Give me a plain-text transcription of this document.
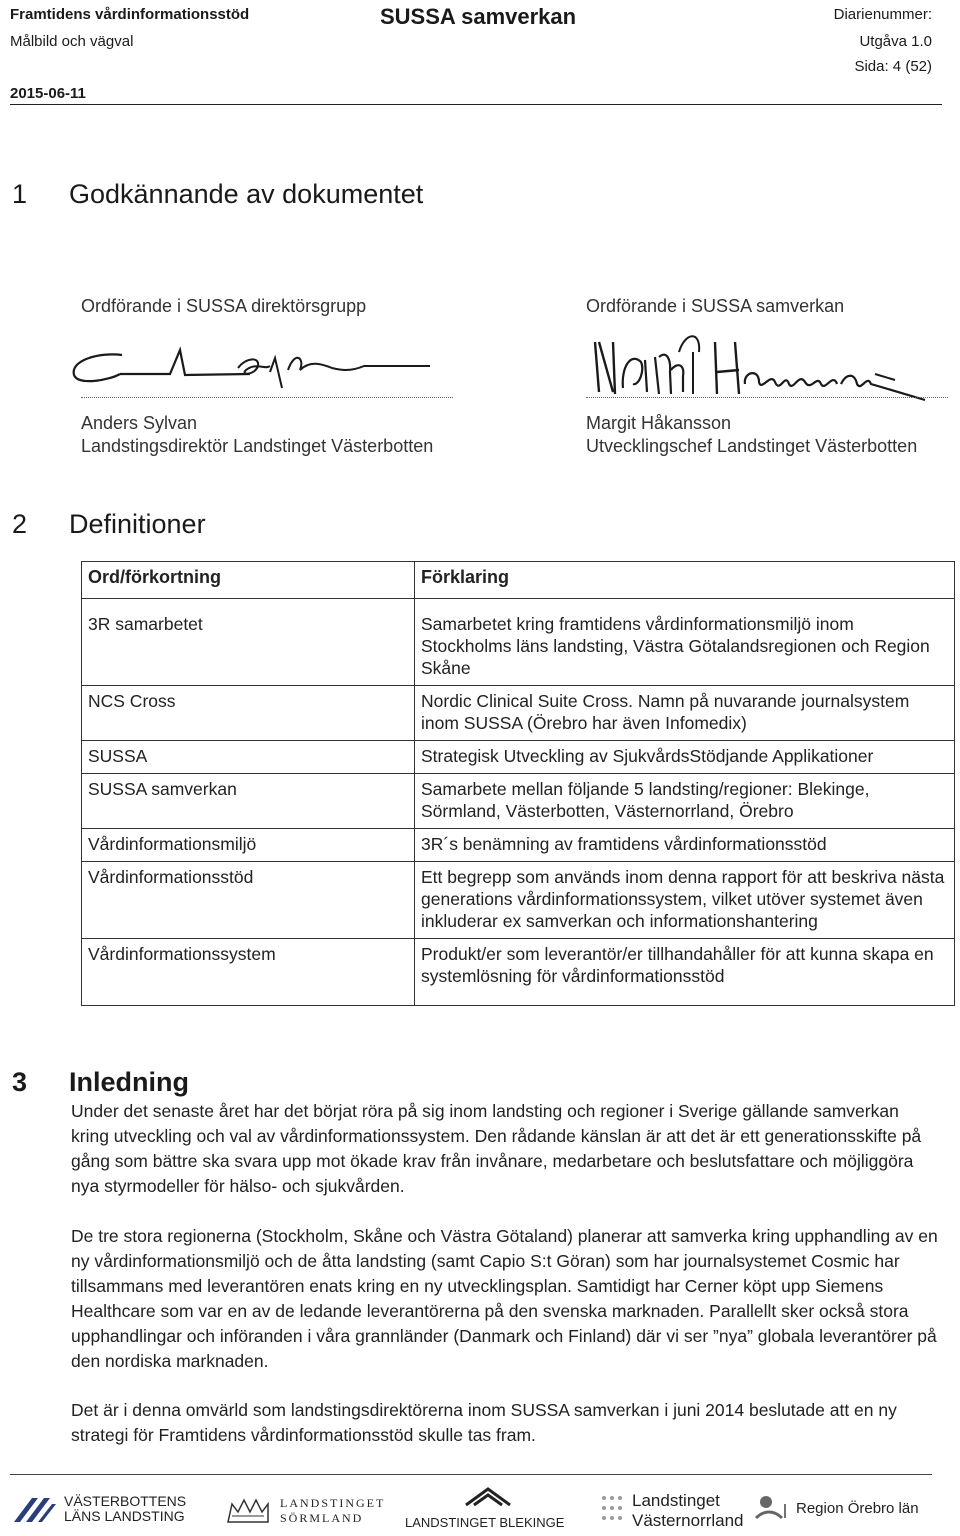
Framtidens vårdinformationsstöd
Målbild och vägval
2015-06-11
SUSSA samverkan	Diarienummer:
Utgåva 1.0
Sida: 4 (52)
1 Godkännande av dokumentet
Ordförande i SUSSA direktörsgrupp	Ordförande i SUSSA samverkan
Anders Sylvan
Landstingsdirektör Landstinget Västerbotten
Margit Håkansson
Utvecklingschef Landstinget Västerbotten
2 Definitioner
Ord/förkortning	Förklaring
3R samarbetet	Samarbetet kring framtidens vårdinformationsmiljö inom Stockholms läns landsting, Västra Götalandsregionen och Region Skåne
NCS Cross	Nordic Clinical Suite Cross. Namn på nuvarande journalsystem inom SUSSA (Örebro har även Infomedix)
SUSSA	Strategisk Utveckling av SjukvårdsStödjande Applikationer
SUSSA samverkan	Samarbete mellan följande 5 landsting/regioner: Blekinge, Sörmland, Västerbotten, Västernorrland, Örebro
Vårdinformationsmiljö	3R´s benämning av framtidens vårdinformationsstöd
Vårdinformationsstöd	Ett begrepp som används inom denna rapport för att beskriva nästa generations vårdinformationssystem, vilket utöver systemet även inkluderar ex samverkan och informationshantering
Vårdinformationssystem	Produkt/er som leverantör/er tillhandahåller för att kunna skapa en systemlösning för vårdinformationsstöd
3 Inledning
Under det senaste året har det börjat röra på sig inom landsting och regioner i Sverige gällande samverkan kring utveckling och val av vårdinformationssystem. Den rådande känslan är att det är ett generationsskifte på gång som bättre ska svara upp mot ökade krav från invånare, medarbetare och beslutsfattare och möjliggöra nya styrmodeller för hälso- och sjukvården.
De tre stora regionerna (Stockholm, Skåne och Västra Götaland) planerar att samverka kring upphandling av en ny vårdinformationsmiljö och de åtta landsting (samt Capio S:t Göran) som har journalsystemet Cosmic har tillsammans med leverantören enats kring en ny utvecklingsplan. Samtidigt har Cerner köpt upp Siemens Healthcare som var en av de ledande leverantörerna på den svenska marknaden. Parallellt sker också stora upphandlingar och införanden i våra grannländer (Danmark och Finland) där vi ser ”nya” globala leverantörer på den nordiska marknaden.
Det är i denna omvärld som landstingsdirektörerna inom SUSSA samverkan i juni 2014 beslutade att en ny strategi för Framtidens vårdinformationsstöd skulle tas fram.
VÄSTERBOTTENS
LÄNS LANDSTING
LANDSTINGET
SÖRMLAND	LANDSTINGET BLEKINGE
Landstinget
Västernorrland
Region Örebro län
